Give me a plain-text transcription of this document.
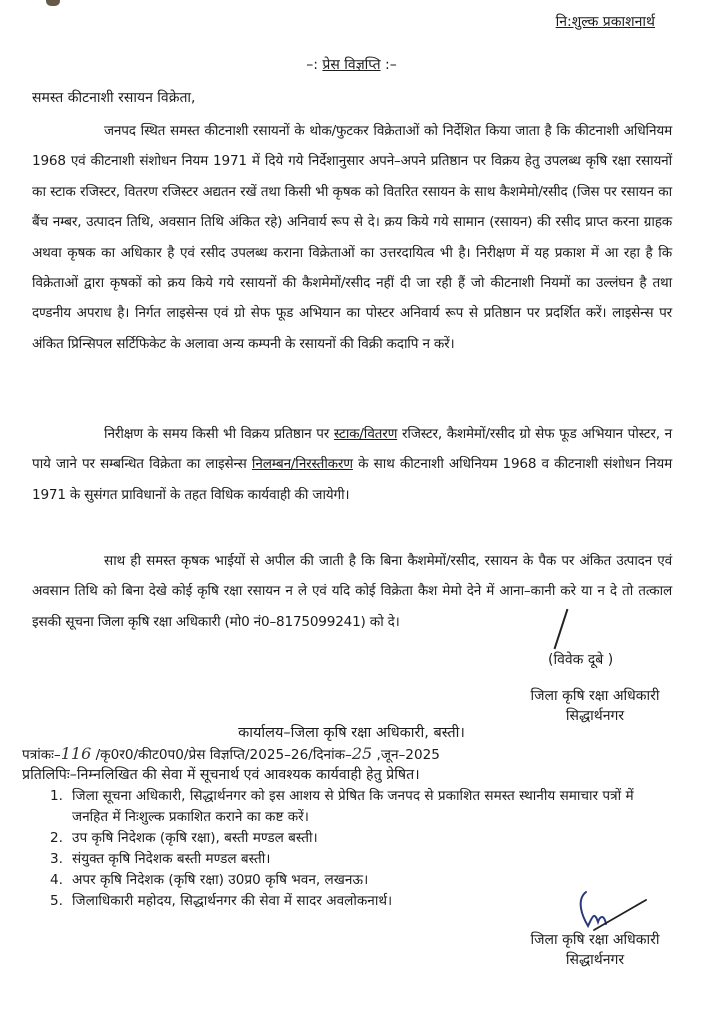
नि:शुल्क प्रकाशनार्थ
–: प्रेस विज्ञप्ति :–
समस्त कीटनाशी रसायन विक्रेता,
जनपद स्थित समस्त कीटनाशी रसायनों के थोक/फुटकर विक्रेताओं को निर्देशित किया जाता है कि कीटनाशी अधिनियम 1968 एवं कीटनाशी संशोधन नियम 1971 में दिये गये निर्देशानुसार अपने–अपने प्रतिष्ठान पर विक्रय हेतु उपलब्ध कृषि रक्षा रसायनों का स्टाक रजिस्टर, वितरण रजिस्टर अद्यतन रखें तथा किसी भी कृषक को वितरित रसायन के साथ कैशमेमो/रसीद (जिस पर रसायन का बैंच नम्बर, उत्पादन तिथि, अवसान तिथि अंकित रहे) अनिवार्य रूप से दे। क्रय किये गये सामान (रसायन) की रसीद प्राप्त करना ग्राहक अथवा कृषक का अधिकार है एवं रसीद उपलब्ध कराना विक्रेताओं का उत्तरदायित्व भी है। निरीक्षण में यह प्रकाश में आ रहा है कि विक्रेताओं द्वारा कृषकों को क्रय किये गये रसायनों की कैशमेमों/रसीद नहीं दी जा रही हैं जो कीटनाशी नियमों का उल्लंघन है तथा दण्डनीय अपराध है। निर्गत लाइसेन्स एवं ग्रो सेफ फूड अभियान का पोस्टर अनिवार्य रूप से प्रतिष्ठान पर प्रदर्शित करें। लाइसेन्स पर अंकित प्रिन्सिपल सर्टिफिकेट के अलावा अन्य कम्पनी के रसायनों की विक्री कदापि न करें।
निरीक्षण के समय किसी भी विक्रय प्रतिष्ठान पर स्टाक/वितरण रजिस्टर, कैशमेमों/रसीद ग्रो सेफ फूड अभियान पोस्टर, न पाये जाने पर सम्बन्धित विक्रेता का लाइसेन्स निलम्बन/निरस्तीकरण के साथ कीटनाशी अधिनियम 1968 व कीटनाशी संशोधन नियम 1971 के सुसंगत प्राविधानों के तहत विधिक कार्यवाही की जायेगी।
साथ ही समस्त कृषक भाईयों से अपील की जाती है कि बिना कैशमेमों/रसीद, रसायन के पैक पर अंकित उत्पादन एवं अवसान तिथि को बिना देखे कोई कृषि रक्षा रसायन न ले एवं यदि कोई विक्रेता कैश मेमो देने में आना–कानी करे या न दे तो तत्काल इसकी सूचना जिला कृषि रक्षा अधिकारी (मो0 नं0–8175099241) को दे।
(विवेक दूबे )
जिला कृषि रक्षा अधिकारी
सिद्धार्थनगर
कार्यालय–जिला कृषि रक्षा अधिकारी, बस्ती।
पत्रांकः–116 /कृ0र0/कीट0प0/प्रेस विज्ञप्ति/2025–26/दिनांक–25 ,जून–2025
प्रतिलिपिः–निम्नलिखित की सेवा में सूचनार्थ एवं आवश्यक कार्यवाही हेतु प्रेषित।
1. जिला सूचना अधिकारी, सिद्धार्थनगर को इस आशय से प्रेषित कि जनपद से प्रकाशित समस्त स्थानीय समाचार पत्रों में जनहित में निःशुल्क प्रकाशित कराने का कष्ट करें।
2. उप कृषि निदेशक (कृषि रक्षा), बस्ती मण्डल बस्ती।
3. संयुक्त कृषि निदेशक बस्ती मण्डल बस्ती।
4. अपर कृषि निदेशक (कृषि रक्षा) उ0प्र0 कृषि भवन, लखनऊ।
5. जिलाधिकारी महोदय, सिद्धार्थनगर की सेवा में सादर अवलोकनार्थ।
जिला कृषि रक्षा अधिकारी
सिद्धार्थनगर
